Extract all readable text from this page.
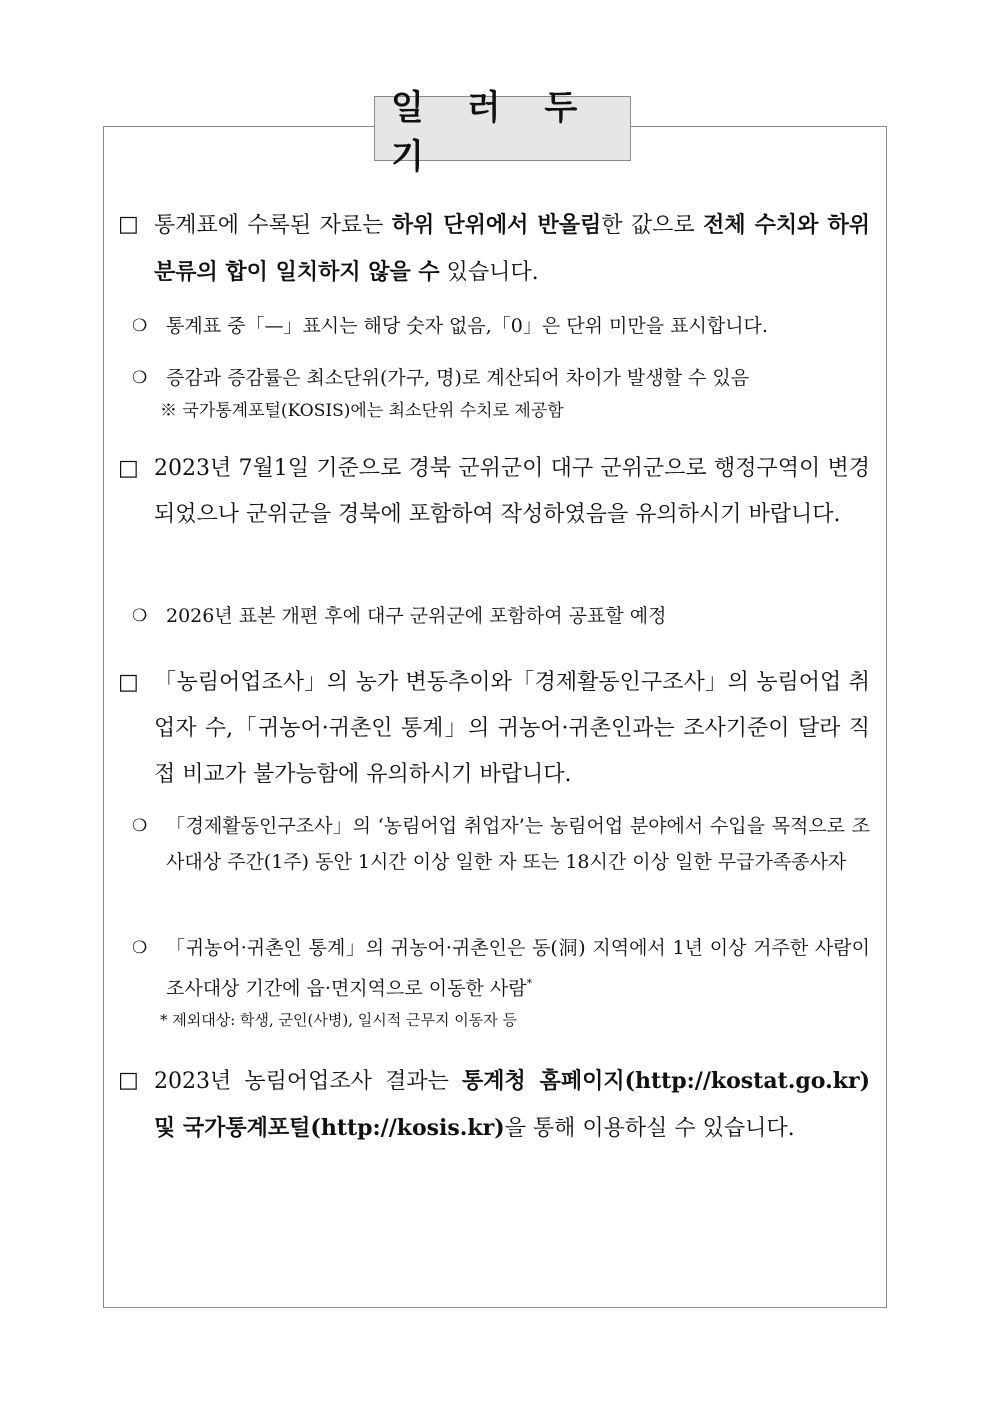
일 러 두 기
□ 통계표에 수록된 자료는 하위 단위에서 반올림한 값으로 전체 수치와 하위분류의 합이 일치하지 않을 수 있습니다.
❍ 통계표 중「—」표시는 해당 숫자 없음,「0」은 단위 미만을 표시합니다.
❍ 증감과 증감률은 최소단위(가구, 명)로 계산되어 차이가 발생할 수 있음
※ 국가통계포털(KOSIS)에는 최소단위 수치로 제공함
□ 2023년 7월1일 기준으로 경북 군위군이 대구 군위군으로 행정구역이 변경되었으나 군위군을 경북에 포함하여 작성하였음을 유의하시기 바랍니다.
❍ 2026년 표본 개편 후에 대구 군위군에 포함하여 공표할 예정
□ 「농림어업조사」의 농가 변동추이와「경제활동인구조사」의 농림어업 취업자 수,「귀농어·귀촌인 통계」의 귀농어·귀촌인과는 조사기준이 달라 직접 비교가 불가능함에 유의하시기 바랍니다.
❍ 「경제활동인구조사」의 ‘농림어업 취업자’는 농림어업 분야에서 수입을 목적으로 조사대상 주간(1주) 동안 1시간 이상 일한 자 또는 18시간 이상 일한 무급가족종사자
❍ 「귀농어·귀촌인 통계」의 귀농어·귀촌인은 동(洞) 지역에서 1년 이상 거주한 사람이 조사대상 기간에 읍·면지역으로 이동한 사람*
* 제외대상: 학생, 군인(사병), 일시적 근무지 이동자 등
□ 2023년 농림어업조사 결과는 통계청 홈페이지(http://kostat.go.kr) 및 국가통계포털(http://kosis.kr)을 통해 이용하실 수 있습니다.
